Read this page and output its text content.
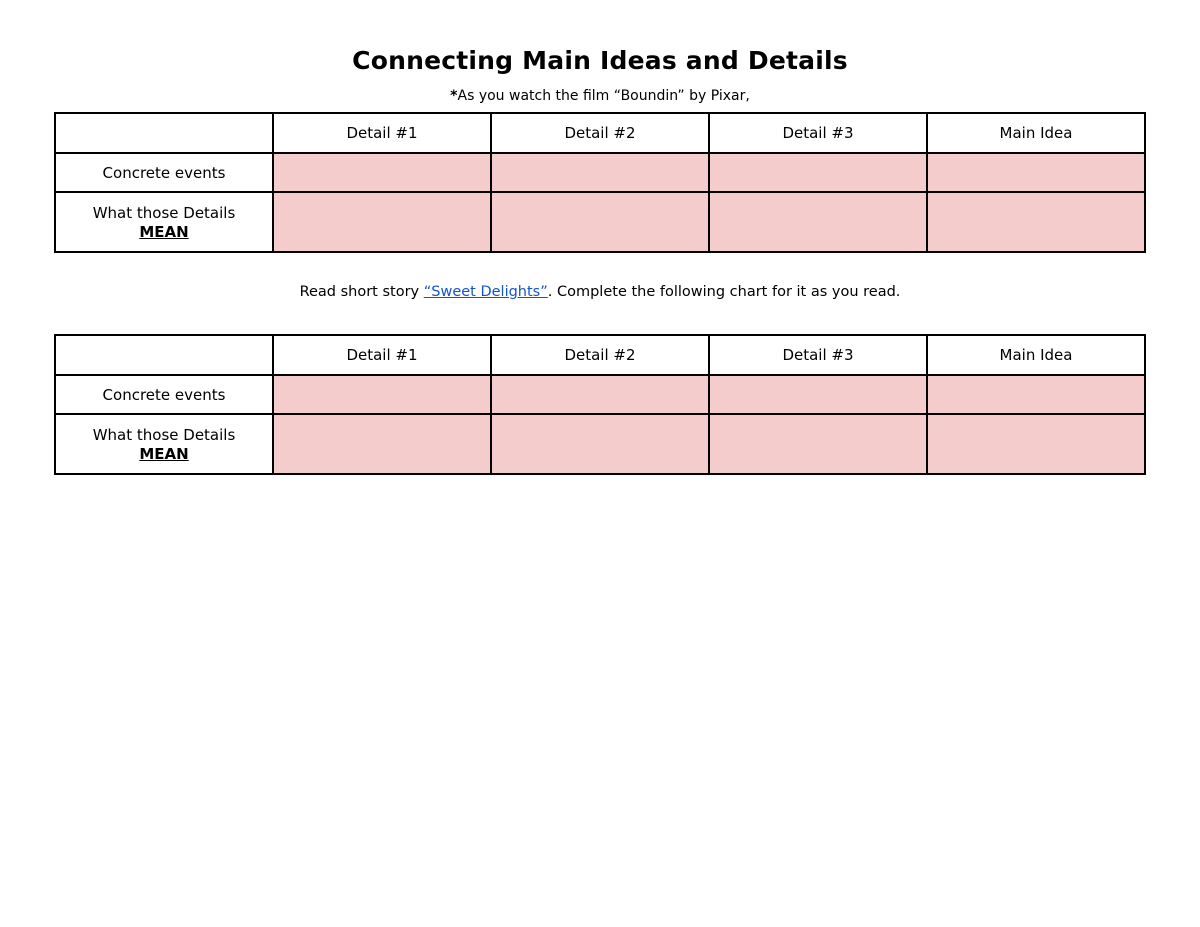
Connecting Main Ideas and Details
*As you watch the film “Boundin” by Pixar,
	Detail #1	Detail #2	Detail #3	Main Idea
Concrete events				

What those Details
MEAN				

Read short story “Sweet Delights”. Complete the following chart for it as you read.
	Detail #1	Detail #2	Detail #3	Main Idea
Concrete events				

What those Details
MEAN				
